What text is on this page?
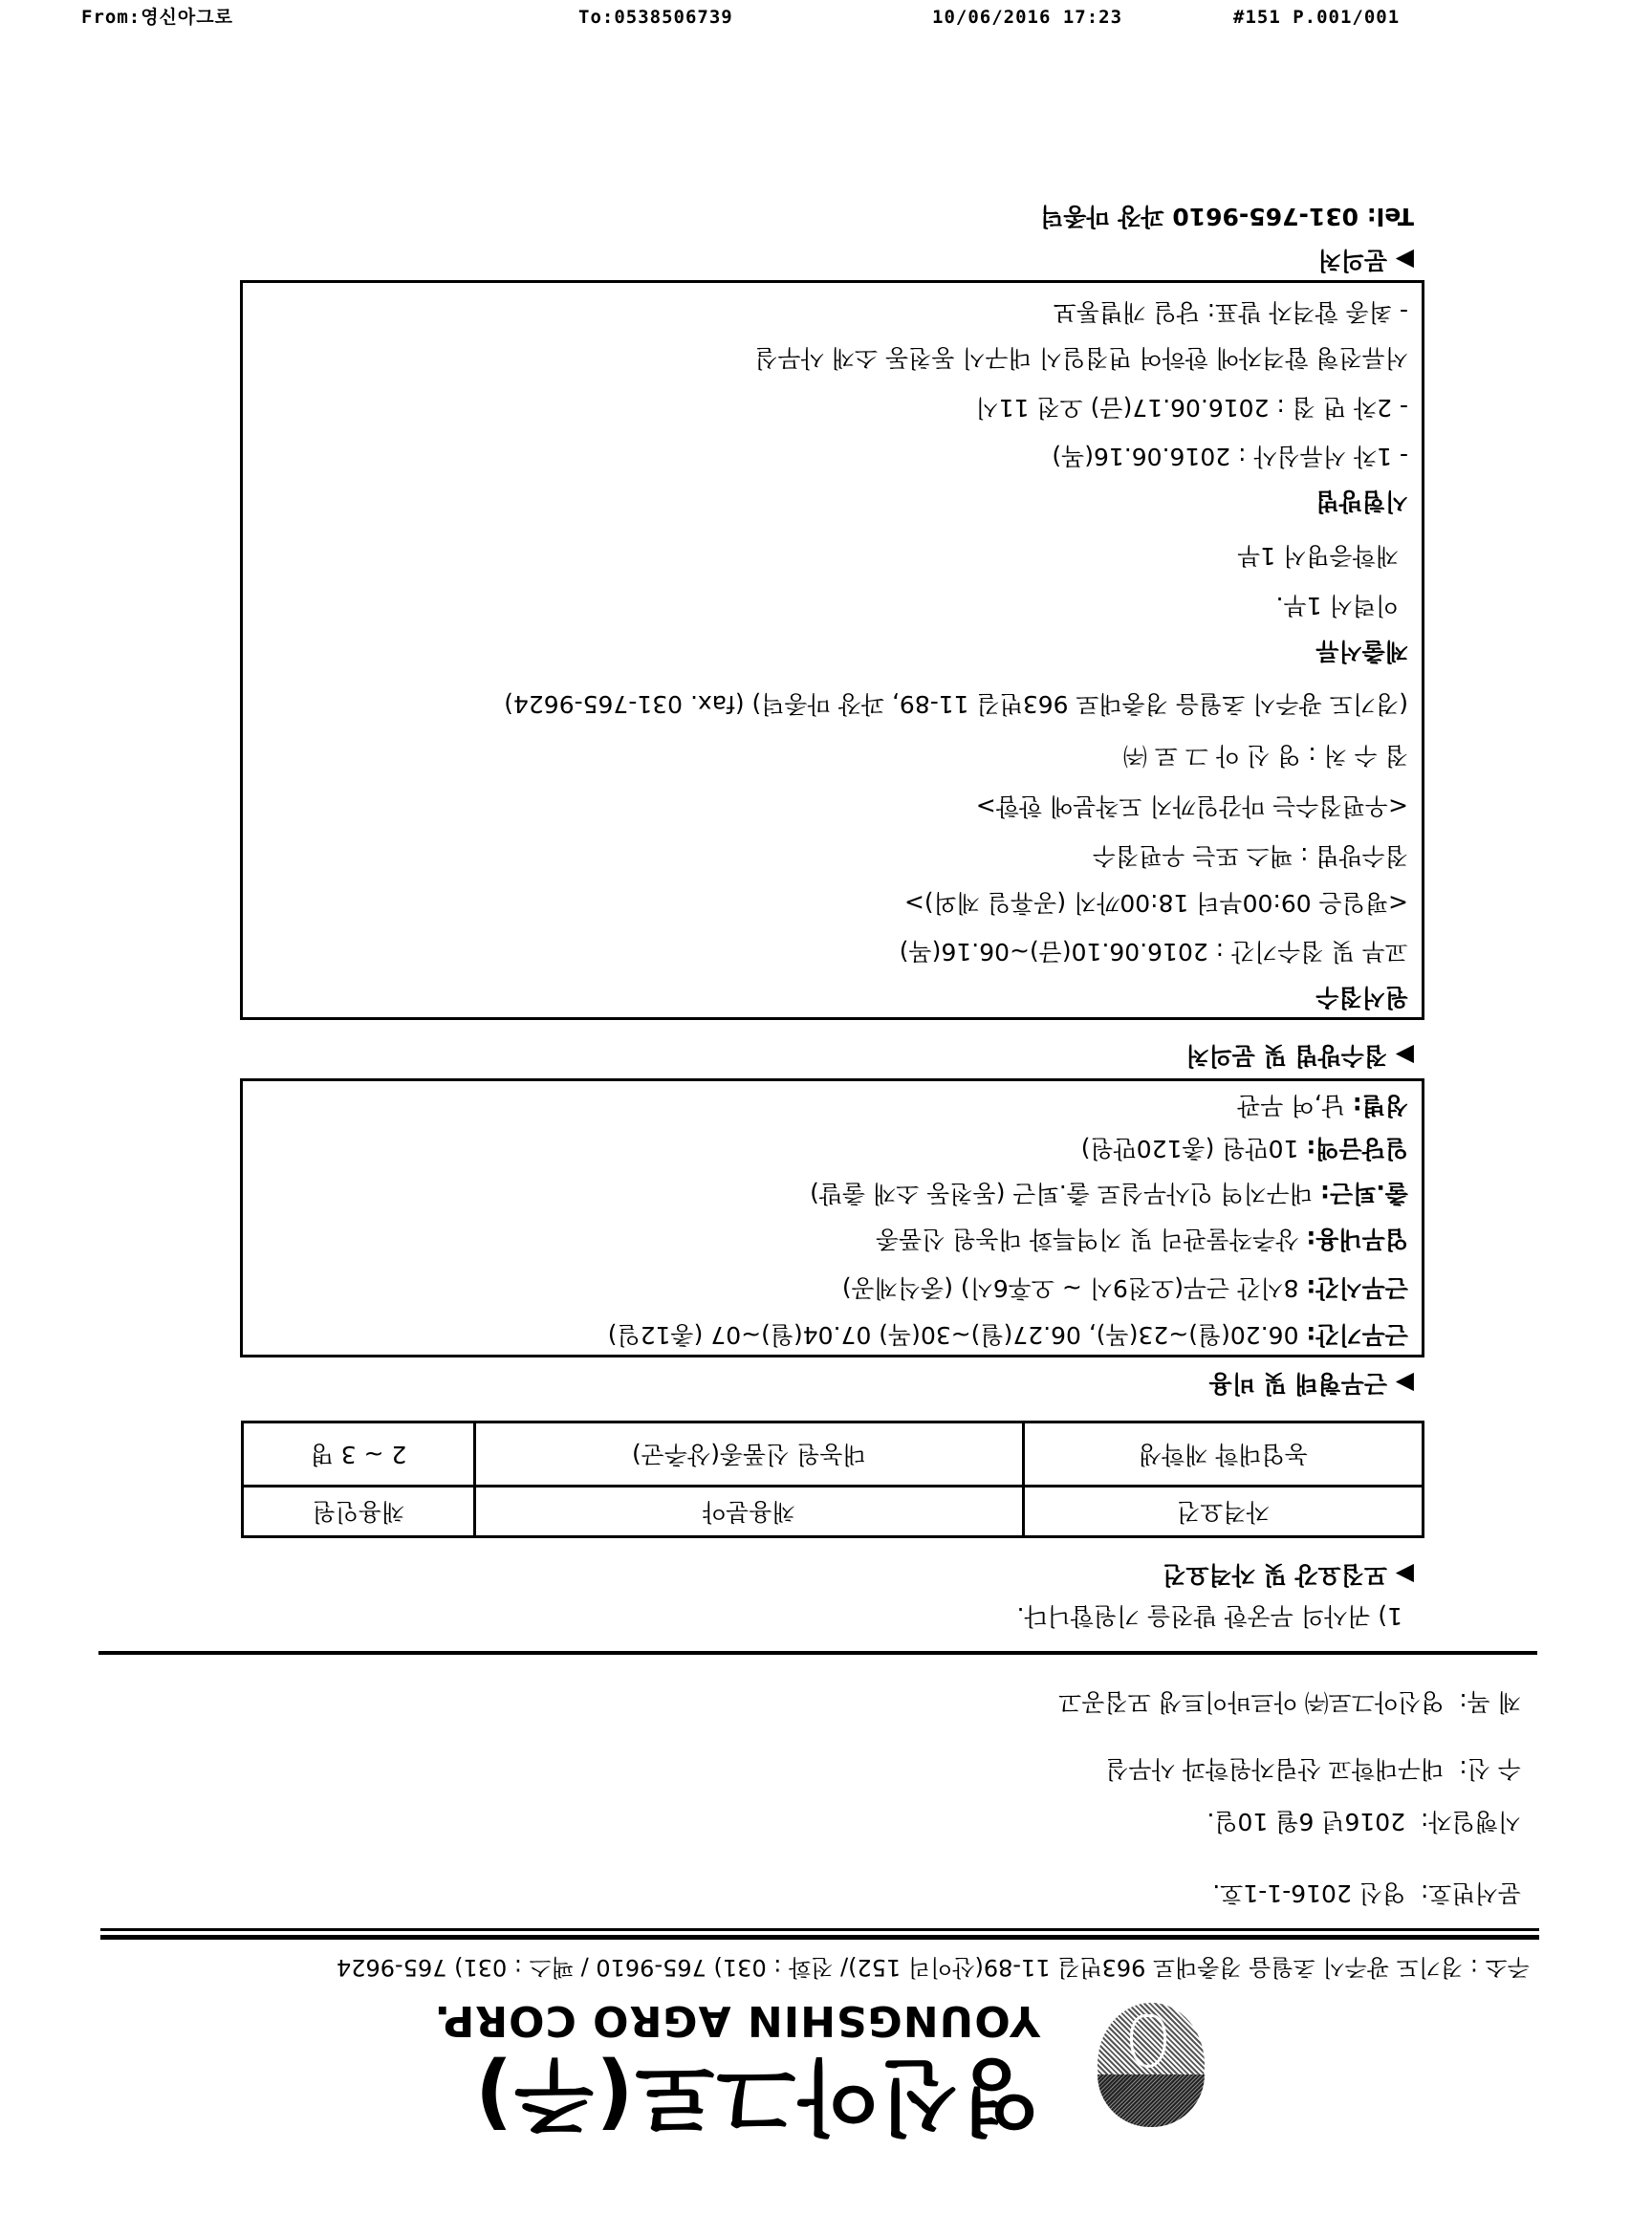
From:영신아그로	To:0538506739	10/06/2016 17:23	#151 P.001/001
영신아그로(주)
YOUNGSHIN AGRO CORP.
주소 : 경기도 광주시 초월읍 경충대로 963번길 11-89(산이리 152)/ 전화 : 031) 765-9610 / 팩스 : 031) 765-9624
문서번호:  영신 2016-1-1호.
시행일자:  2016년 6월 10일.
수 신:  대구대학교 산림자원학과 사무실
제 목:  영신아그로㈜ 아르바이트생 모집공고
1) 귀사의 무궁한 발전을 기원합니다.
▶ 모집요강 및 자격요건
자격요건	채용분야	채용인원
농업대학 재학생	대농원 신품종(상추군)	2 ~ 3 명
▶ 근무형태 및 비용
근무기간: 06.20(월)~23(목), 06.27(월)~30(목) 07.04(월)~07 (총12일)
근무시간: 8시간 근무(오전9시 ~ 오후6시) (중식제공)
업무내용: 상추작물관리 및 지역특화 대농원 신품종
출.퇴근: 대구지역 인사무실로 출.퇴근 (동천동 소재 출발)
일당금액: 10만원 (총120만원)
성별: 남,여 무관
▶ 접수방법 및 문의처
원서접수
교부 및 접수기간 : 2016.06.10(금)~06.16(목)
<평일은 09:00부터 18:00까지 (공휴일 제외)>
접수방법 : 팩스 또는 우편접수
<우편접수는 마감일까지 도착분에 한함>
접 수 처 : 영 신 아 그 로 ㈜
(경기도 광주시 초월읍 경충대로 963번길 11-89, 과장 마종덕) (fax. 031-765-9624)
제출서류
이력서 1부.
재학증명서 1부
시험방법
- 1차 서류심사 : 2016.06.16(목)
- 2차 면 접 : 2016.06.17(금) 오전 11시
서류전형 합격자에 한하여 면접일시 대구시 동천동 소재 사무실
- 최종 합격자 발표: 당일 개별통보
▶ 문의처
Tel: 031-765-9610 과장 마종덕
